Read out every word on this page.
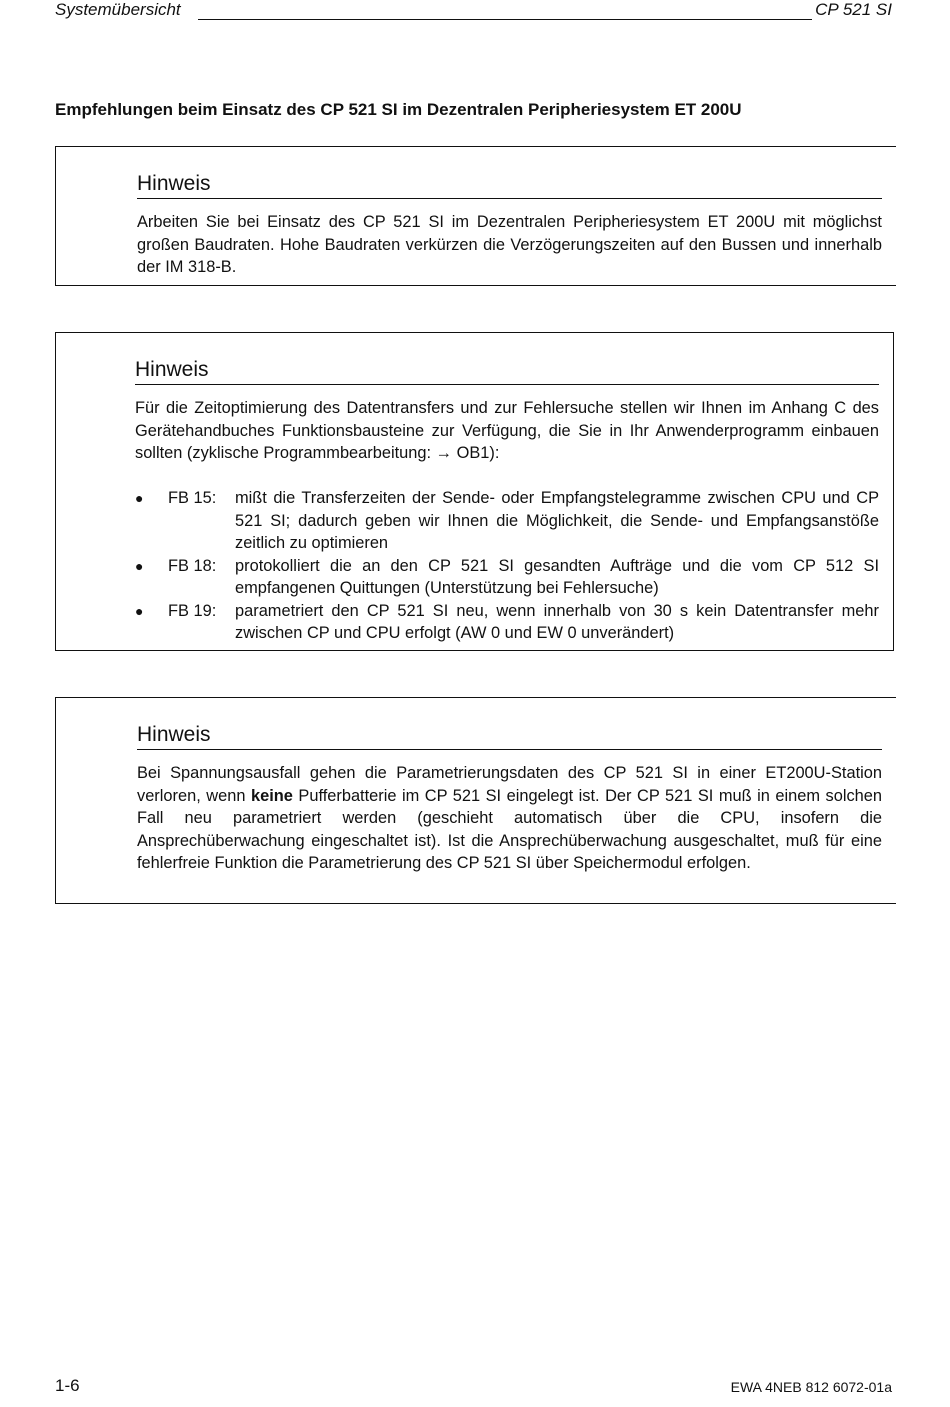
Systemübersicht	CP 521 SI
Empfehlungen beim Einsatz des CP 521 SI im Dezentralen Peripheriesystem ET 200U
Hinweis
Arbeiten Sie bei Einsatz des CP 521 SI im Dezentralen Peripheriesystem ET 200U mit möglichst großen Baudraten. Hohe Baudraten verkürzen die Verzögerungszeiten auf den Bussen und innerhalb der IM 318-B.
Hinweis
Für die Zeitoptimierung des Datentransfers und zur Fehlersuche stellen wir Ihnen im Anhang C des Gerätehandbuches Funktionsbausteine zur Verfügung, die Sie in Ihr Anwenderprogramm einbauen sollten (zyklische Programmbearbeitung: → OB1):
● FB 15: mißt die Transferzeiten der Sende- oder Empfangstelegramme zwischen CPU und CP 521 SI; dadurch geben wir Ihnen die Möglichkeit, die Sende- und Empfangsanstöße zeitlich zu optimieren
● FB 18: protokolliert die an den CP 521 SI gesandten Aufträge und die vom CP 512 SI empfangenen Quittungen (Unterstützung bei Fehlersuche)
● FB 19: parametriert den CP 521 SI neu, wenn innerhalb von 30 s kein Datentransfer mehr zwischen CP und CPU erfolgt (AW 0 und EW 0 unverändert)
Hinweis
Bei Spannungsausfall gehen die Parametrierungsdaten des CP 521 SI in einer ET200U-Station verloren, wenn keine Pufferbatterie im CP 521 SI eingelegt ist. Der CP 521 SI muß in einem solchen Fall neu parametriert werden (geschieht automatisch über die CPU, insofern die Ansprechüberwachung eingeschaltet ist). Ist die Ansprechüberwachung ausgeschaltet, muß für eine fehlerfreie Funktion die Parametrierung des CP 521 SI über Speichermodul erfolgen.
1-6	EWA 4NEB 812 6072-01a
